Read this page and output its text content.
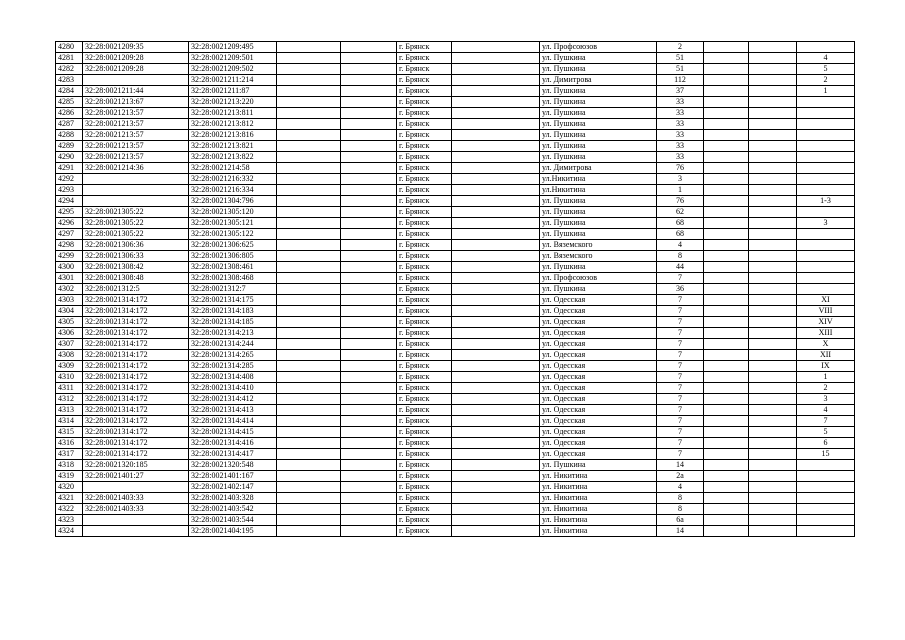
4280	32:28:0021209:35	32:28:0021209:495			г. Брянск		ул. Профсоюзов	2			
4281	32:28:0021209:28	32:28:0021209:501			г. Брянск		ул. Пушкина	51			4
4282	32:28:0021209:28	32:28:0021209:502			г. Брянск		ул. Пушкина	51			5
4283		32:28:0021211:214			г. Брянск		ул. Димитрова	112			2
4284	32:28:0021211:44	32:28:0021211:87			г. Брянск		ул. Пушкина	37			1
4285	32:28:0021213:67	32:28:0021213:220			г. Брянск		ул. Пушкина	33			
4286	32:28:0021213:57	32:28:0021213:811			г. Брянск		ул. Пушкина	33			
4287	32:28:0021213:57	32:28:0021213:812			г. Брянск		ул. Пушкина	33			
4288	32:28:0021213:57	32:28:0021213:816			г. Брянск		ул. Пушкина	33			
4289	32:28:0021213:57	32:28:0021213:821			г. Брянск		ул. Пушкина	33			
4290	32:28:0021213:57	32:28:0021213:822			г. Брянск		ул. Пушкина	33			
4291	32:28:0021214:36	32:28:0021214:58			г. Брянск		ул. Димитрова	76			
4292		32:28:0021216:332			г. Брянск		ул.Никитина	3			
4293		32:28:0021216:334			г. Брянск		ул.Никитина	1			
4294		32:28:0021304:796			г. Брянск		ул. Пушкина	76			1-3
4295	32:28:0021305:22	32:28:0021305:120			г. Брянск		ул. Пушкина	62			
4296	32:28:0021305:22	32:28:0021305:121			г. Брянск		ул. Пушкина	68			3
4297	32:28:0021305:22	32:28:0021305:122			г. Брянск		ул. Пушкина	68			
4298	32:28:0021306:36	32:28:0021306:625			г. Брянск		ул. Вяземского	4			
4299	32:28:0021306:33	32:28:0021306:805			г. Брянск		ул. Вяземского	8			
4300	32:28:0021308:42	32:28:0021308:461			г. Брянск		ул. Пушкина	44			
4301	32:28:0021308:48	32:28:0021308:468			г. Брянск		ул. Профсоюзов	7			
4302	32:28:0021312:5	32:28:0021312:7			г. Брянск		ул. Пушкина	36			
4303	32:28:0021314:172	32:28:0021314:175			г. Брянск		ул. Одесская	7			XI
4304	32:28:0021314:172	32:28:0021314:183			г. Брянск		ул. Одесская	7			VIII
4305	32:28:0021314:172	32:28:0021314:185			г. Брянск		ул. Одесская	7			XIV
4306	32:28:0021314:172	32:28:0021314:213			г. Брянск		ул. Одесская	7			XIII
4307	32:28:0021314:172	32:28:0021314:244			г. Брянск		ул. Одесская	7			X
4308	32:28:0021314:172	32:28:0021314:265			г. Брянск		ул. Одесская	7			XII
4309	32:28:0021314:172	32:28:0021314:285			г. Брянск		ул. Одесская	7			IX
4310	32:28:0021314:172	32:28:0021314:408			г. Брянск		ул. Одесская	7			1
4311	32:28:0021314:172	32:28:0021314:410			г. Брянск		ул. Одесская	7			2
4312	32:28:0021314:172	32:28:0021314:412			г. Брянск		ул. Одесская	7			3
4313	32:28:0021314:172	32:28:0021314:413			г. Брянск		ул. Одесская	7			4
4314	32:28:0021314:172	32:28:0021314:414			г. Брянск		ул. Одесская	7			7
4315	32:28:0021314:172	32:28:0021314:415			г. Брянск		ул. Одесская	7			5
4316	32:28:0021314:172	32:28:0021314:416			г. Брянск		ул. Одесская	7			6
4317	32:28:0021314:172	32:28:0021314:417			г. Брянск		ул. Одесская	7			15
4318	32:28:0021320:185	32:28:0021320:548			г. Брянск		ул. Пушкина	14			
4319	32:28:0021401:27	32:28:0021401:167			г. Брянск		ул. Никитина	2а			
4320		32:28:0021402:147			г. Брянск		ул. Никитина	4			
4321	32:28:0021403:33	32:28:0021403:328			г. Брянск		ул. Никитина	8			
4322	32:28:0021403:33	32:28:0021403:542			г. Брянск		ул. Никитина	8			
4323		32:28:0021403:544			г. Брянск		ул. Никитина	6а			
4324		32:28:0021404:195			г. Брянск		ул. Никитина	14			
